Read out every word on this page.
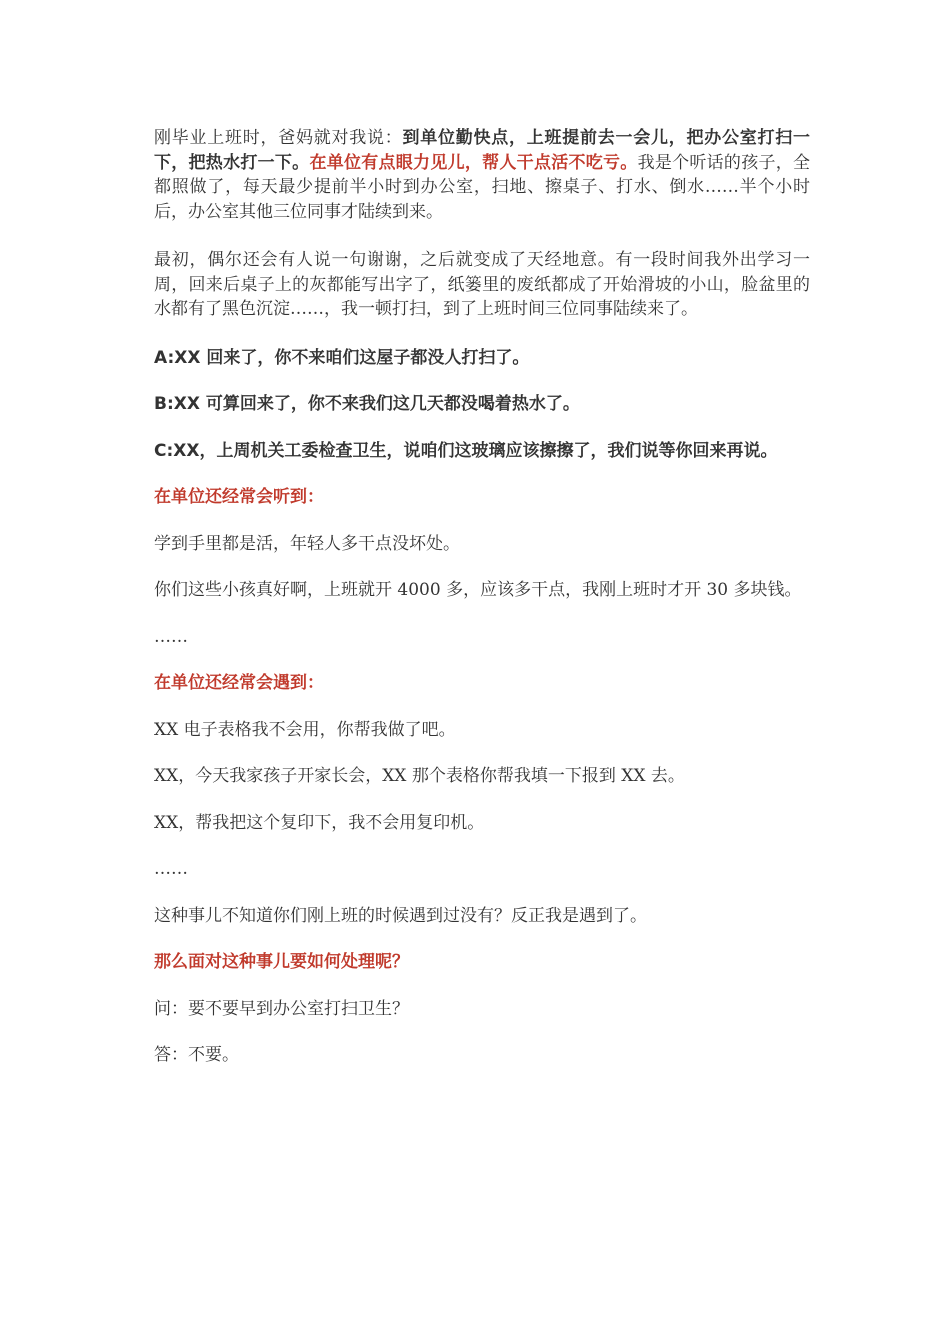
刚毕业上班时，爸妈就对我说：到单位勤快点，上班提前去一会儿，把办公室打扫一下，把热水打一下。在单位有点眼力见儿，帮人干点活不吃亏。我是个听话的孩子，全都照做了，每天最少提前半小时到办公室，扫地、擦桌子、打水、倒水……半个小时后，办公室其他三位同事才陆续到来。

最初，偶尔还会有人说一句谢谢，之后就变成了天经地意。有一段时间我外出学习一周，回来后桌子上的灰都能写出字了，纸篓里的废纸都成了开始滑坡的小山，脸盆里的水都有了黑色沉淀……，我一顿打扫，到了上班时间三位同事陆续来了。

A:XX 回来了，你不来咱们这屋子都没人打扫了。

B:XX 可算回来了，你不来我们这几天都没喝着热水了。

C:XX，上周机关工委检查卫生，说咱们这玻璃应该擦擦了，我们说等你回来再说。

在单位还经常会听到：

学到手里都是活，年轻人多干点没坏处。

你们这些小孩真好啊，上班就开 4000 多，应该多干点，我刚上班时才开 30 多块钱。

……

在单位还经常会遇到：

XX 电子表格我不会用，你帮我做了吧。

XX，今天我家孩子开家长会，XX 那个表格你帮我填一下报到 XX 去。

XX，帮我把这个复印下，我不会用复印机。

……

这种事儿不知道你们刚上班的时候遇到过没有？反正我是遇到了。

那么面对这种事儿要如何处理呢？

问：要不要早到办公室打扫卫生？

答：不要。
